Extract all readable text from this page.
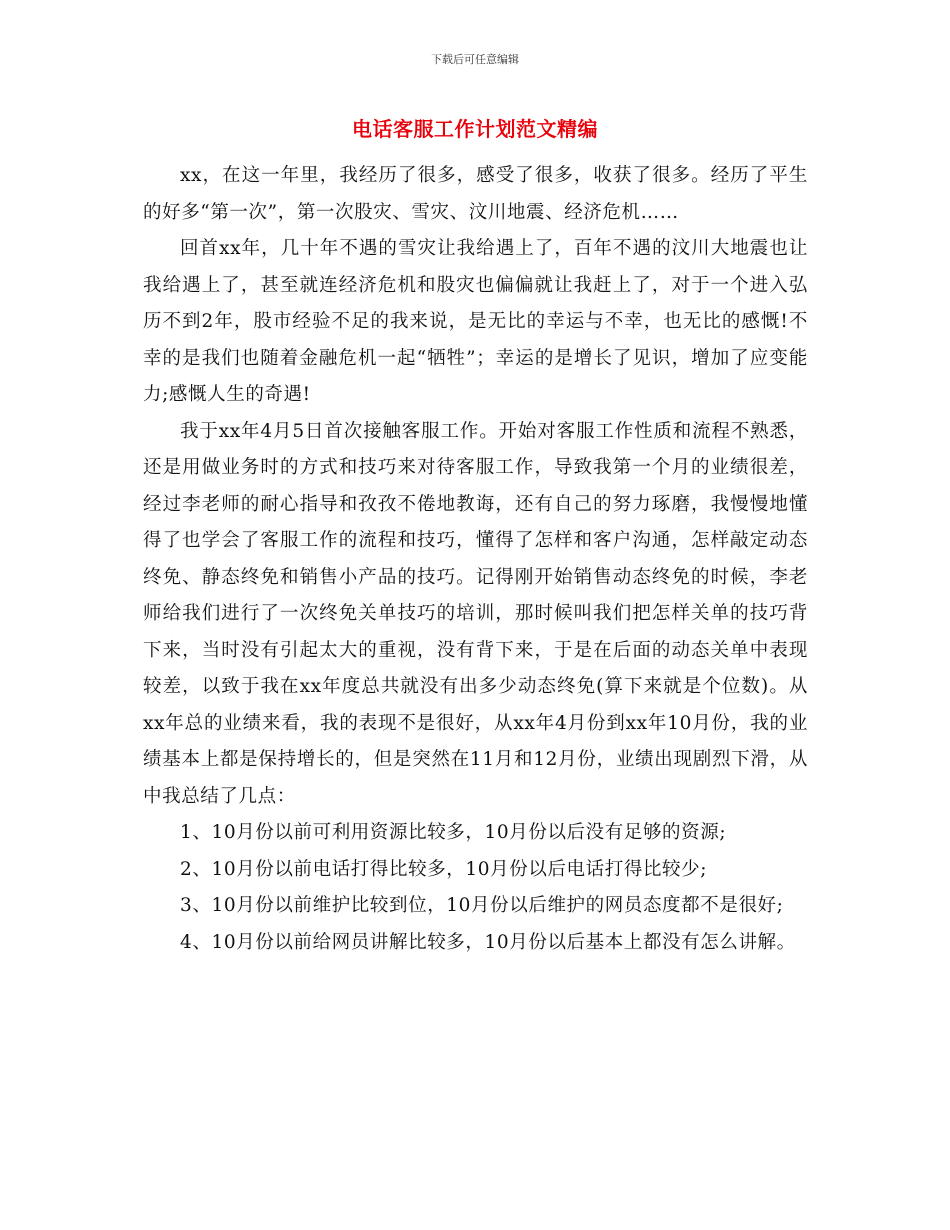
下载后可任意编辑
电话客服工作计划范文精编

xx，在这一年里，我经历了很多，感受了很多，收获了很多。经历了平生的好多“第一次”，第一次股灾、雪灾、汶川地震、经济危机……

回首xx年，几十年不遇的雪灾让我给遇上了，百年不遇的汶川大地震也让我给遇上了，甚至就连经济危机和股灾也偏偏就让我赶上了，对于一个进入弘历不到2年，股市经验不足的我来说，是无比的幸运与不幸，也无比的感慨!不幸的是我们也随着金融危机一起“牺牲”；幸运的是增长了见识，增加了应变能力;感慨人生的奇遇!

我于xx年4月5日首次接触客服工作。开始对客服工作性质和流程不熟悉，还是用做业务时的方式和技巧来对待客服工作，导致我第一个月的业绩很差，经过李老师的耐心指导和孜孜不倦地教诲，还有自己的努力琢磨，我慢慢地懂得了也学会了客服工作的流程和技巧，懂得了怎样和客户沟通，怎样敲定动态终免、静态终免和销售小产品的技巧。记得刚开始销售动态终免的时候，李老师给我们进行了一次终免关单技巧的培训，那时候叫我们把怎样关单的技巧背下来，当时没有引起太大的重视，没有背下来，于是在后面的动态关单中表现较差，以致于我在xx年度总共就没有出多少动态终免(算下来就是个位数)。从xx年总的业绩来看，我的表现不是很好，从xx年4月份到xx年10月份，我的业绩基本上都是保持增长的，但是突然在11月和12月份，业绩出现剧烈下滑，从中我总结了几点：

1、10月份以前可利用资源比较多，10月份以后没有足够的资源;

2、10月份以前电话打得比较多，10月份以后电话打得比较少;

3、10月份以前维护比较到位，10月份以后维护的网员态度都不是很好;

4、10月份以前给网员讲解比较多，10月份以后基本上都没有怎么讲解。
